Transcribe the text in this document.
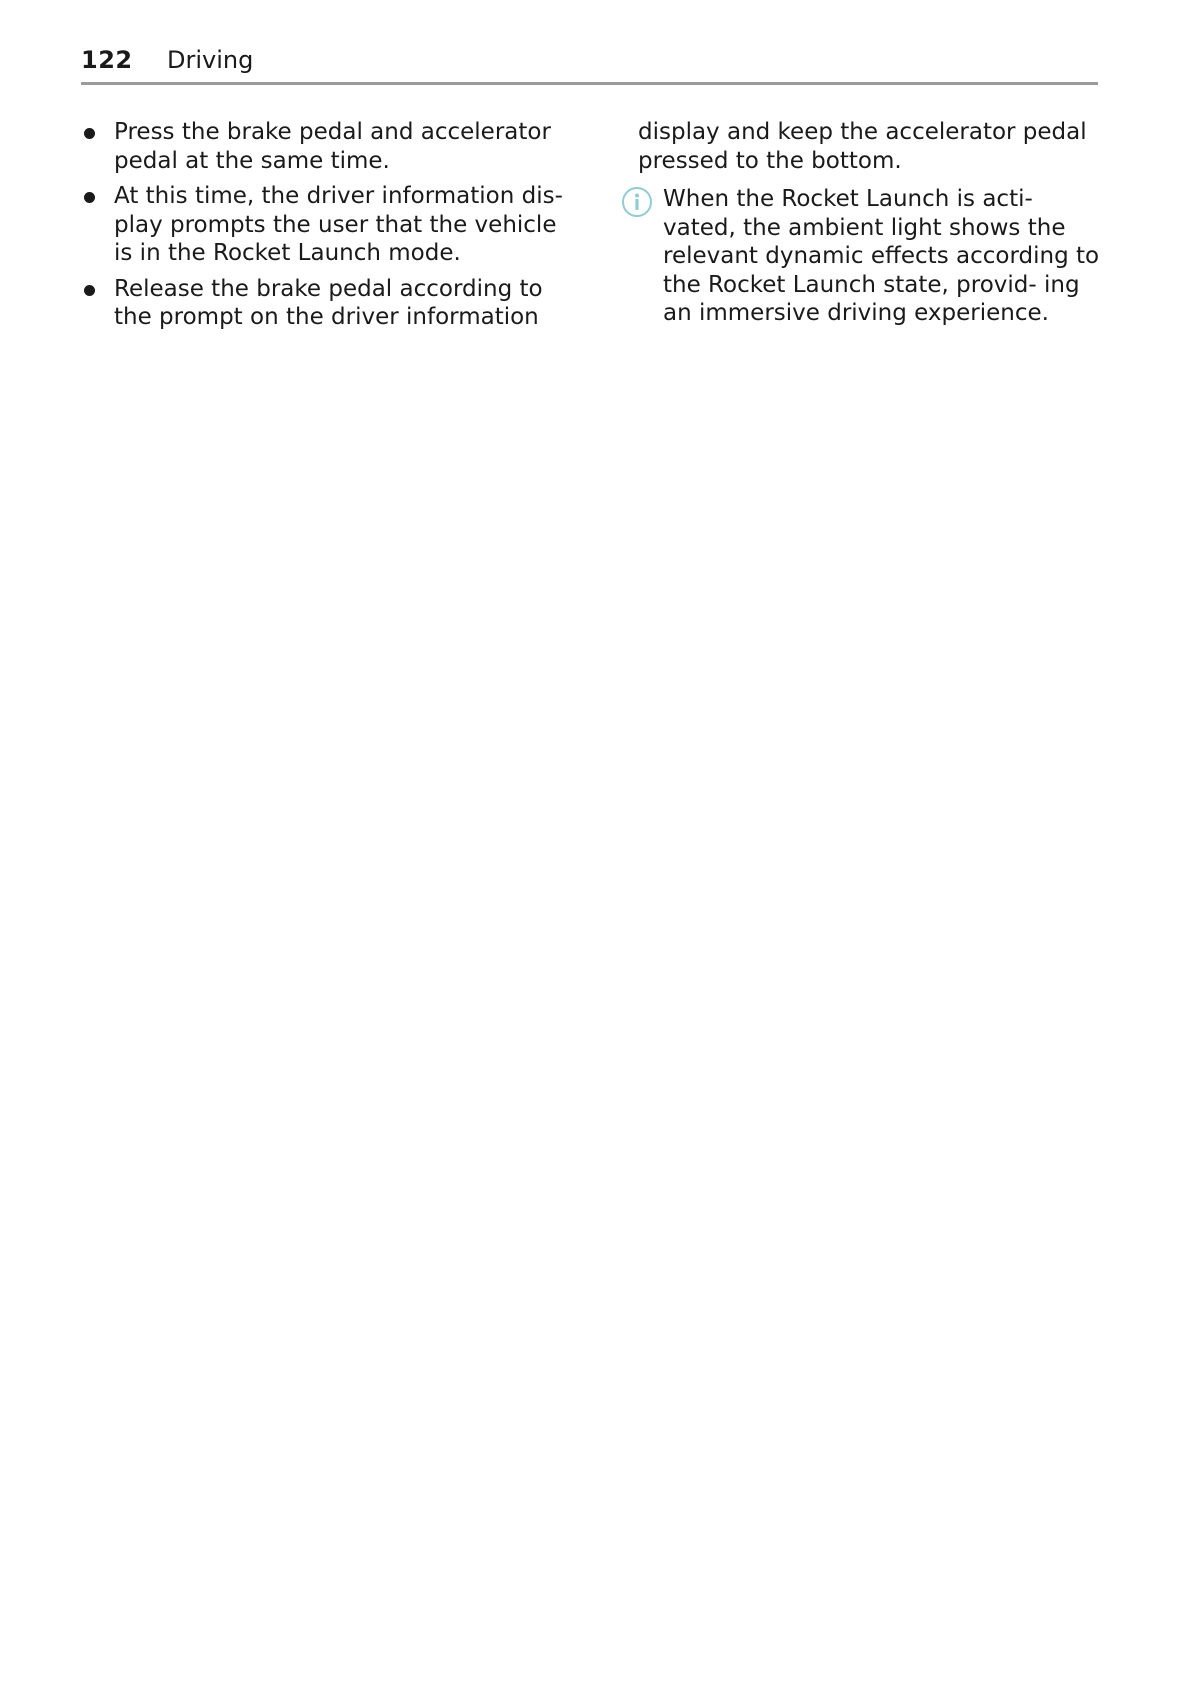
122 Driving
Press the brake pedal and accelerator pedal at the same time.
At this time, the driver information dis‑ play prompts the user that the vehicle is in the Rocket Launch mode.
Release the brake pedal according to the prompt on the driver information

display and keep the accelerator pedal pressed to the bottom.

When the Rocket Launch is acti‑ vated, the ambient light shows the relevant dynamic effects according to the Rocket Launch state, provid‑ ing an immersive driving experience.
